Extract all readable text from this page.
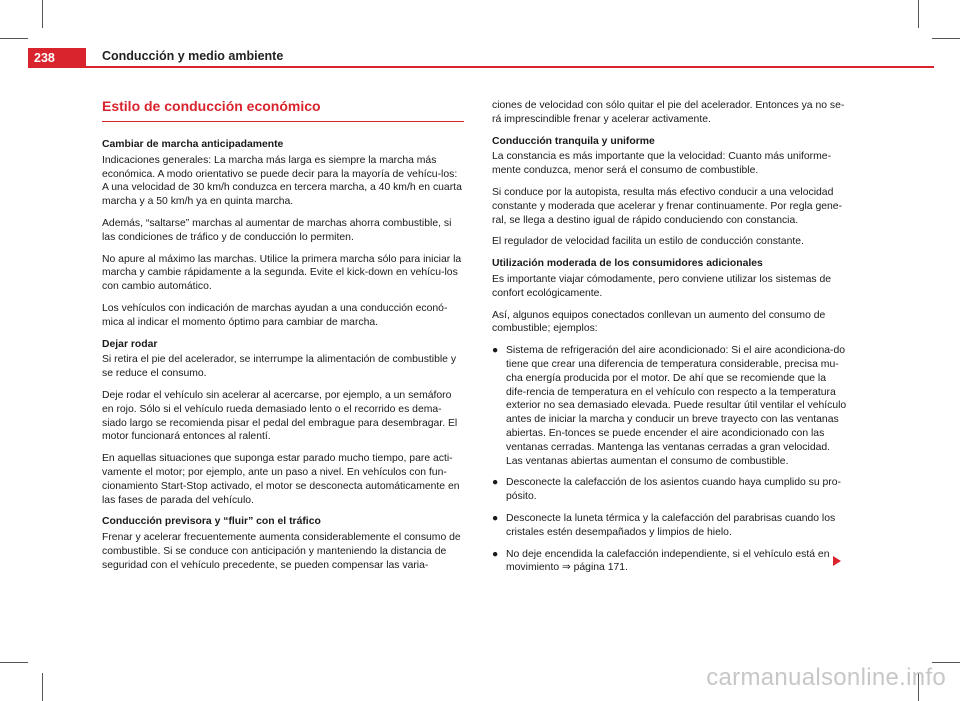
238	Conducción y medio ambiente
Estilo de conducción económico
Cambiar de marcha anticipadamente

Indicaciones generales: La marcha más larga es siempre la marcha más económica. A modo orientativo se puede decir para la mayoría de vehícu-los: A una velocidad de 30 km/h conduzca en tercera marcha, a 40 km/h en cuarta marcha y a 50 km/h ya en quinta marcha.

Además, “saltarse” marchas al aumentar de marchas ahorra combustible, si las condiciones de tráfico y de conducción lo permiten.

No apure al máximo las marchas. Utilice la primera marcha sólo para iniciar la marcha y cambie rápidamente a la segunda. Evite el kick-down en vehícu-los con cambio automático.

Los vehículos con indicación de marchas ayudan a una conducción econó-mica al indicar el momento óptimo para cambiar de marcha.

Dejar rodar

Si retira el pie del acelerador, se interrumpe la alimentación de combustible y se reduce el consumo.

Deje rodar el vehículo sin acelerar al acercarse, por ejemplo, a un semáforo en rojo. Sólo si el vehículo rueda demasiado lento o el recorrido es dema-siado largo se recomienda pisar el pedal del embrague para desembragar. El motor funcionará entonces al ralentí.

En aquellas situaciones que suponga estar parado mucho tiempo, pare acti-vamente el motor; por ejemplo, ante un paso a nivel. En vehículos con fun-cionamiento Start-Stop activado, el motor se desconecta automáticamente en las fases de parada del vehículo.

Conducción previsora y “fluir” con el tráfico

Frenar y acelerar frecuentemente aumenta considerablemente el consumo de combustible. Si se conduce con anticipación y manteniendo la distancia de seguridad con el vehículo precedente, se pueden compensar las varia-

ciones de velocidad con sólo quitar el pie del acelerador. Entonces ya no se-rá imprescindible frenar y acelerar activamente.

Conducción tranquila y uniforme

La constancia es más importante que la velocidad: Cuanto más uniforme-mente conduzca, menor será el consumo de combustible.

Si conduce por la autopista, resulta más efectivo conducir a una velocidad constante y moderada que acelerar y frenar continuamente. Por regla gene-ral, se llega a destino igual de rápido conduciendo con constancia.

El regulador de velocidad facilita un estilo de conducción constante.

Utilización moderada de los consumidores adicionales

Es importante viajar cómodamente, pero conviene utilizar los sistemas de confort ecológicamente.

Así, algunos equipos conectados conllevan un aumento del consumo de combustible; ejemplos:

● Sistema de refrigeración del aire acondicionado: Si el aire acondiciona-do tiene que crear una diferencia de temperatura considerable, precisa mu-cha energía producida por el motor. De ahí que se recomiende que la dife-rencia de temperatura en el vehículo con respecto a la temperatura exterior no sea demasiado elevada. Puede resultar útil ventilar el vehículo antes de iniciar la marcha y conducir un breve trayecto con las ventanas abiertas. En-tonces se puede encender el aire acondicionado con las ventanas cerradas. Mantenga las ventanas cerradas a gran velocidad. Las ventanas abiertas aumentan el consumo de combustible.
● Desconecte la calefacción de los asientos cuando haya cumplido su pro-pósito.
● Desconecte la luneta térmica y la calefacción del parabrisas cuando los cristales estén desempañados y limpios de hielo.
● No deje encendida la calefacción independiente, si el vehículo está en movimiento ⇒ página 171.
carmanualsonline.info
